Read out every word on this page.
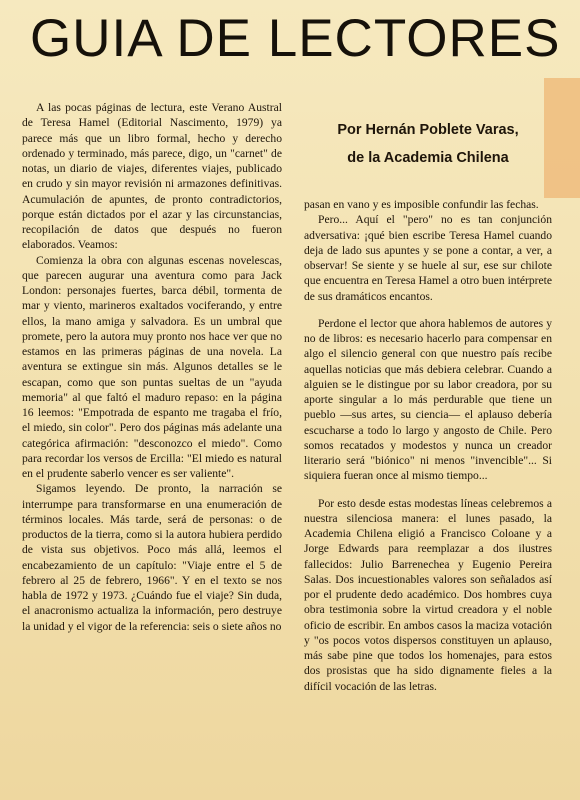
GUIA DE LECTORES
Por Hernán Poblete Varas,
de la Academia Chilena

A las pocas páginas de lectura, este Verano Austral de Teresa Hamel (Editorial Nascimento, 1979) ya parece más que un libro formal, hecho y derecho ordenado y terminado, más parece, digo, un "carnet" de notas, un diario de viajes, diferentes viajes, publicado en crudo y sin mayor revisión ni armazones definitivas. Acumulación de apuntes, de pronto contradictorios, porque están dictados por el azar y las circunstancias, recopilación de datos que después no fueron elaborados. Veamos:

Comienza la obra con algunas escenas novelescas, que parecen augurar una aventura como para Jack London: personajes fuertes, barca débil, tormenta de mar y viento, marineros exaltados vociferando, y entre ellos, la mano amiga y salvadora. Es un umbral que promete, pero la autora muy pronto nos hace ver que no estamos en las primeras páginas de una novela. La aventura se extingue sin más. Algunos detalles se le escapan, como que son puntas sueltas de un "ayuda memoria" al que faltó el maduro repaso: en la página 16 leemos: "Empotrada de espanto me tragaba el frío, el miedo, sin color". Pero dos páginas más adelante una categórica afirmación: "desconozco el miedo". Como para recordar los versos de Ercilla: "El miedo es natural en el prudente saberlo vencer es ser valiente".

Sigamos leyendo. De pronto, la narración se interrumpe para transformarse en una enumeración de términos locales. Más tarde, será de personas: o de productos de la tierra, como si la autora hubiera perdido de vista sus objetivos. Poco más allá, leemos el encabezamiento de un capítulo: "Viaje entre el 5 de febrero al 25 de febrero, 1966". Y en el texto se nos habla de 1972 y 1973. ¿Cuándo fue el viaje? Sin duda, el anacronismo actualiza la información, pero destruye la unidad y el vigor de la referencia: seis o siete años no

pasan en vano y es imposible confundir las fechas.

Pero... Aquí el "pero" no es tan conjunción adversativa: ¡qué bien escribe Teresa Hamel cuando deja de lado sus apuntes y se pone a contar, a ver, a observar! Se siente y se huele al sur, ese sur chilote que encuentra en Teresa Hamel a otro buen intérprete de sus dramáticos encantos.

Perdone el lector que ahora hablemos de autores y no de libros: es necesario hacerlo para compensar en algo el silencio general con que nuestro país recibe aquellas noticias que más debiera celebrar. Cuando a alguien se le distingue por su labor creadora, por su aporte singular a lo más perdurable que tiene un pueblo —sus artes, su ciencia— el aplauso debería escucharse a todo lo largo y angosto de Chile. Pero somos recatados y modestos y nunca un creador literario será "biónico" ni menos "invencible"... Si siquiera fueran once al mismo tiempo...

Por esto desde estas modestas líneas celebremos a nuestra silenciosa manera: el lunes pasado, la Academia Chilena eligió a Francisco Coloane y a Jorge Edwards para reemplazar a dos ilustres fallecidos: Julio Barrenechea y Eugenio Pereira Salas. Dos incuestionables valores son señalados así por el prudente dedo académico. Dos hombres cuya obra testimonia sobre la virtud creadora y el noble oficio de escribir. En ambos casos la maciza votación y "os pocos votos dispersos constituyen un aplauso, más sabe pine que todos los homenajes, para estos dos prosistas que ha sido dignamente fieles a la difícil vocación de las letras.
